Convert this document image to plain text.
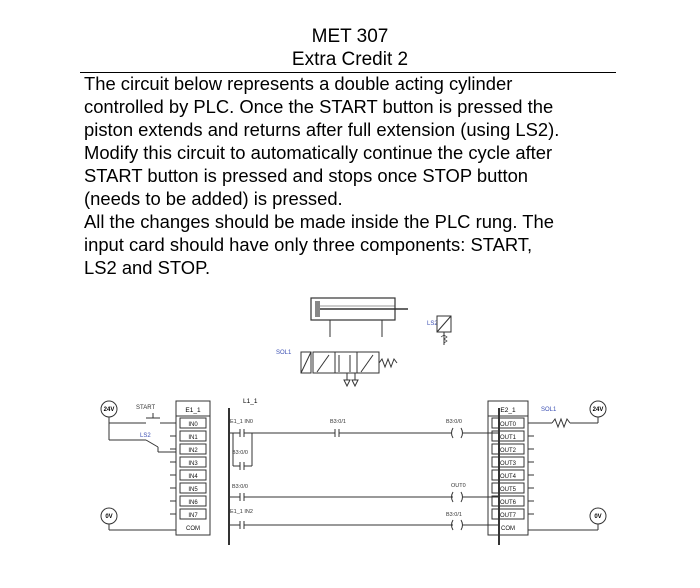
MET 307
Extra Credit 2

The circuit below represents a double acting cylinder

controlled by PLC. Once the START button is pressed the

piston extends and returns after full extension (using LS2).

Modify this circuit to automatically continue the cycle after

START button is pressed and stops once STOP button

(needs to be added) is pressed.

All the changes should be made inside the PLC rung. The

input card should have only three components: START,

LS2 and STOP.

LS2
SOL1
24V
0V
START
LS2
E1_1
IN0
IN1
IN2
IN3
IN4
IN5
IN6
IN7
COM
L1_1
E1_1 IN0	B3:0/1	B3:0/0
B3:0/0
B3:0/0	OUT0
E1_1 IN2	B3:0/1
E2_1
OUT0
OUT1
OUT2
OUT3
OUT4
OUT5
OUT6
OUT7
COM
SOL1	24V
0V
